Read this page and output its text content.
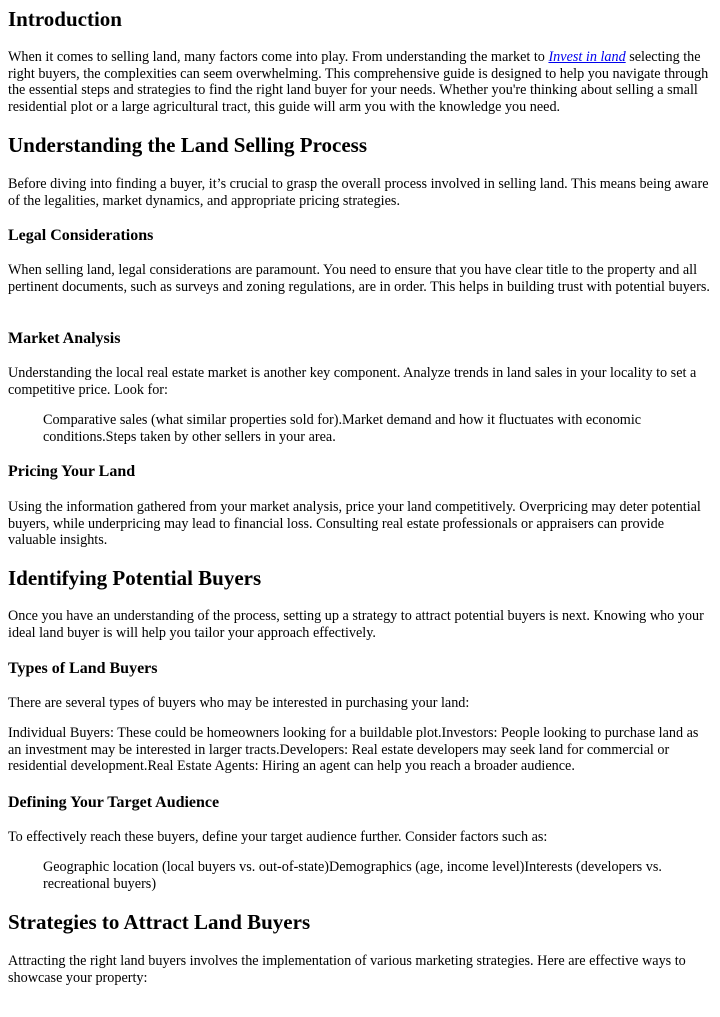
Introduction

When it comes to selling land, many factors come into play. From understanding the market to Invest in land selecting the right buyers, the complexities can seem overwhelming. This comprehensive guide is designed to help you navigate through the essential steps and strategies to find the right land buyer for your needs. Whether you're thinking about selling a small residential plot or a large agricultural tract, this guide will arm you with the knowledge you need.

Understanding the Land Selling Process

Before diving into finding a buyer, it’s crucial to grasp the overall process involved in selling land. This means being aware of the legalities, market dynamics, and appropriate pricing strategies.

Legal Considerations

When selling land, legal considerations are paramount. You need to ensure that you have clear title to the property and all pertinent documents, such as surveys and zoning regulations, are in order. This helps in building trust with potential buyers.

Market Analysis

Understanding the local real estate market is another key component. Analyze trends in land sales in your locality to set a competitive price. Look for:

Comparative sales (what similar properties sold for).Market demand and how it fluctuates with economic conditions.Steps taken by other sellers in your area.

Pricing Your Land

Using the information gathered from your market analysis, price your land competitively. Overpricing may deter potential buyers, while underpricing may lead to financial loss. Consulting real estate professionals or appraisers can provide valuable insights.

Identifying Potential Buyers

Once you have an understanding of the process, setting up a strategy to attract potential buyers is next. Knowing who your ideal land buyer is will help you tailor your approach effectively.

Types of Land Buyers

There are several types of buyers who may be interested in purchasing your land:

Individual Buyers: These could be homeowners looking for a buildable plot.Investors: People looking to purchase land as an investment may be interested in larger tracts.Developers: Real estate developers may seek land for commercial or residential development.Real Estate Agents: Hiring an agent can help you reach a broader audience.

Defining Your Target Audience

To effectively reach these buyers, define your target audience further. Consider factors such as:

Geographic location (local buyers vs. out-of-state)Demographics (age, income level)Interests (developers vs. recreational buyers)

Strategies to Attract Land Buyers

Attracting the right land buyers involves the implementation of various marketing strategies. Here are effective ways to showcase your property:
